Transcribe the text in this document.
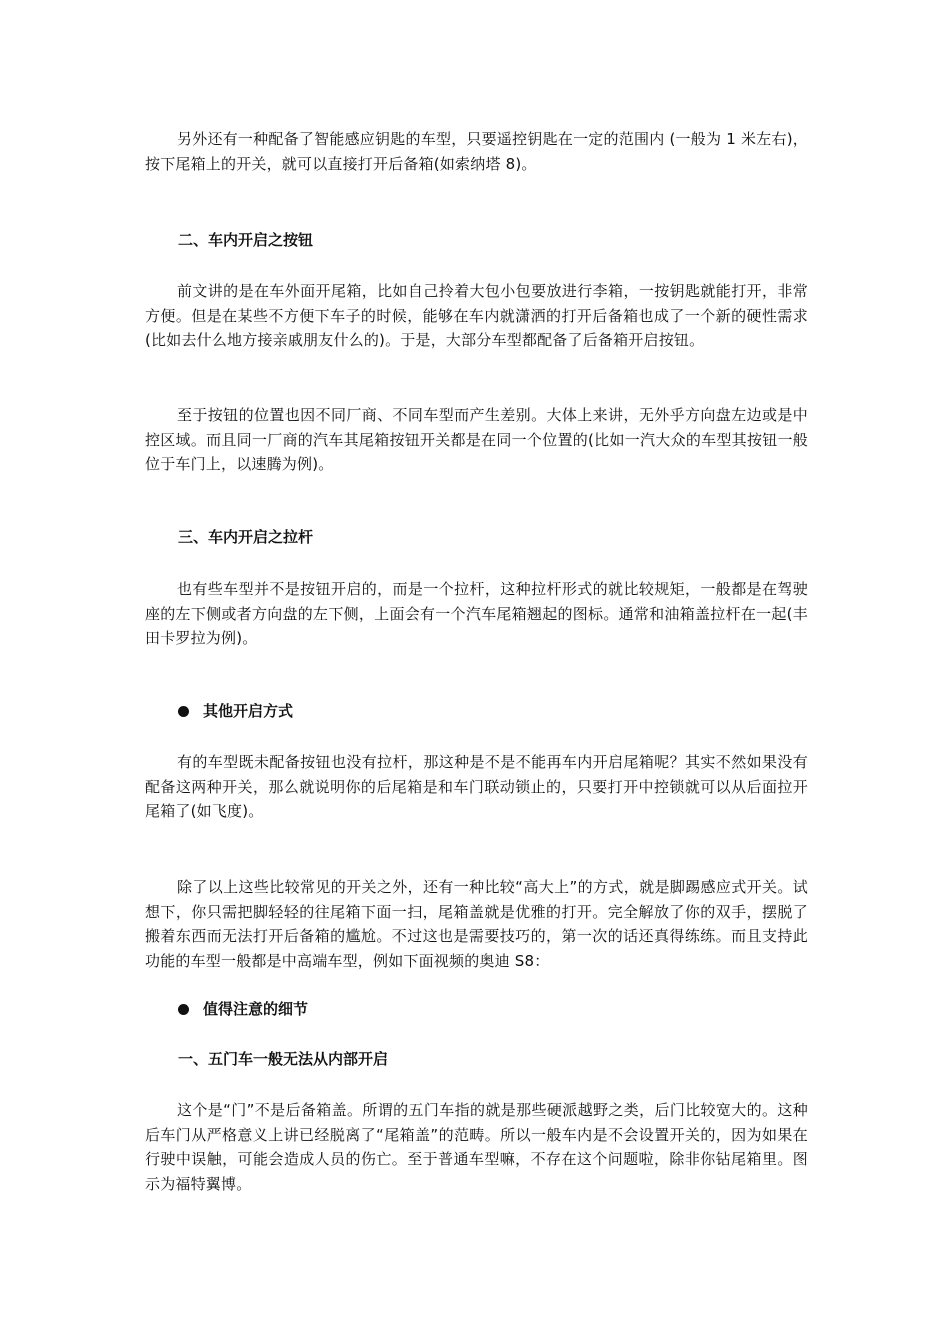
另外还有一种配备了智能感应钥匙的车型，只要遥控钥匙在一定的范围内 (一般为 1 米左右)，按下尾箱上的开关，就可以直接打开后备箱(如索纳塔 8)。

二、车内开启之按钮

前文讲的是在车外面开尾箱，比如自己拎着大包小包要放进行李箱，一按钥匙就能打开，非常方便。但是在某些不方便下车子的时候，能够在车内就潇洒的打开后备箱也成了一个新的硬性需求(比如去什么地方接亲戚朋友什么的)。于是，大部分车型都配备了后备箱开启按钮。

至于按钮的位置也因不同厂商、不同车型而产生差别。大体上来讲，无外乎方向盘左边或是中控区域。而且同一厂商的汽车其尾箱按钮开关都是在同一个位置的(比如一汽大众的车型其按钮一般位于车门上，以速腾为例)。

三、车内开启之拉杆

也有些车型并不是按钮开启的，而是一个拉杆，这种拉杆形式的就比较规矩，一般都是在驾驶座的左下侧或者方向盘的左下侧，上面会有一个汽车尾箱翘起的图标。通常和油箱盖拉杆在一起(丰田卡罗拉为例)。

其他开启方式

有的车型既未配备按钮也没有拉杆，那这种是不是不能再车内开启尾箱呢？其实不然如果没有配备这两种开关，那么就说明你的后尾箱是和车门联动锁止的，只要打开中控锁就可以从后面拉开尾箱了(如飞度)。

除了以上这些比较常见的开关之外，还有一种比较“高大上”的方式，就是脚踢感应式开关。试想下，你只需把脚轻轻的往尾箱下面一扫，尾箱盖就是优雅的打开。完全解放了你的双手，摆脱了搬着东西而无法打开后备箱的尴尬。不过这也是需要技巧的，第一次的话还真得练练。而且支持此功能的车型一般都是中高端车型，例如下面视频的奥迪 S8：

值得注意的细节

一、五门车一般无法从内部开启

这个是“门”不是后备箱盖。所谓的五门车指的就是那些硬派越野之类，后门比较宽大的。这种后车门从严格意义上讲已经脱离了“尾箱盖”的范畴。所以一般车内是不会设置开关的，因为如果在行驶中误触，可能会造成人员的伤亡。至于普通车型嘛，不存在这个问题啦，除非你钻尾箱里。图示为福特翼博。
